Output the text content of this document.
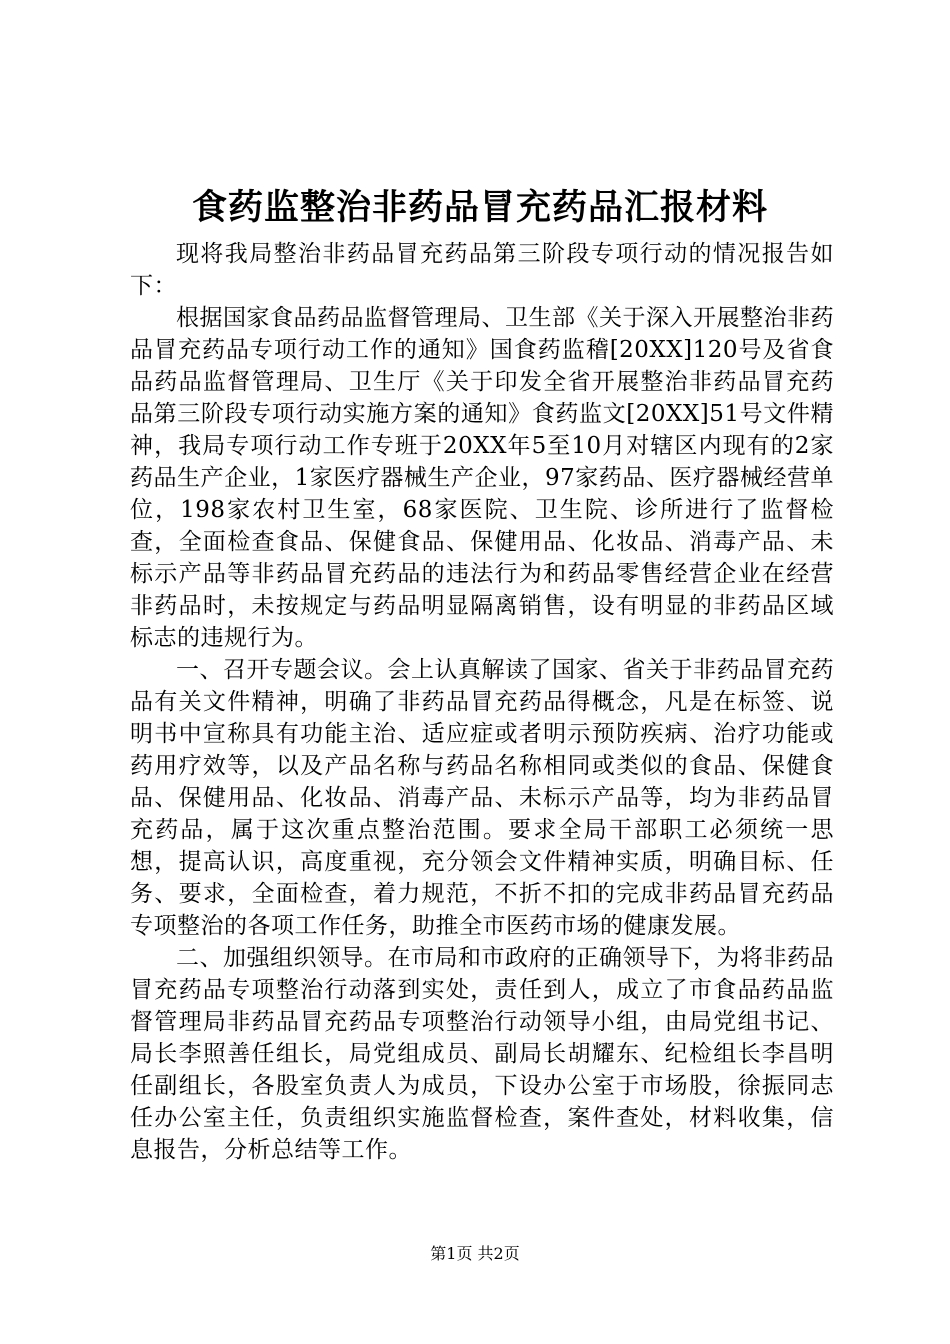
食药监整治非药品冒充药品汇报材料

现将我局整治非药品冒充药品第三阶段专项行动的情况报告如下：

根据国家食品药品监督管理局、卫生部《关于深入开展整治非药品冒充药品专项行动工作的通知》国食药监稽[20XX]120号及省食品药品监督管理局、卫生厅《关于印发全省开展整治非药品冒充药品第三阶段专项行动实施方案的通知》食药监文[20XX]51号文件精神，我局专项行动工作专班于20XX年5至10月对辖区内现有的2家药品生产企业，1家医疗器械生产企业，97家药品、医疗器械经营单位，198家农村卫生室，68家医院、卫生院、诊所进行了监督检查，全面检查食品、保健食品、保健用品、化妆品、消毒产品、未标示产品等非药品冒充药品的违法行为和药品零售经营企业在经营非药品时，未按规定与药品明显隔离销售，设有明显的非药品区域标志的违规行为。

一、召开专题会议。会上认真解读了国家、省关于非药品冒充药品有关文件精神，明确了非药品冒充药品得概念，凡是在标签、说明书中宣称具有功能主治、适应症或者明示预防疾病、治疗功能或药用疗效等，以及产品名称与药品名称相同或类似的食品、保健食品、保健用品、化妆品、消毒产品、未标示产品等，均为非药品冒充药品，属于这次重点整治范围。要求全局干部职工必须统一思想，提高认识，高度重视，充分领会文件精神实质，明确目标、任务、要求，全面检查，着力规范，不折不扣的完成非药品冒充药品专项整治的各项工作任务，助推全市医药市场的健康发展。

二、加强组织领导。在市局和市政府的正确领导下，为将非药品冒充药品专项整治行动落到实处，责任到人，成立了市食品药品监督管理局非药品冒充药品专项整治行动领导小组，由局党组书记、局长李照善任组长，局党组成员、副局长胡耀东、纪检组长李昌明任副组长，各股室负责人为成员，下设办公室于市场股，徐振同志任办公室主任，负责组织实施监督检查，案件查处，材料收集，信息报告，分析总结等工作。

第1页 共2页
